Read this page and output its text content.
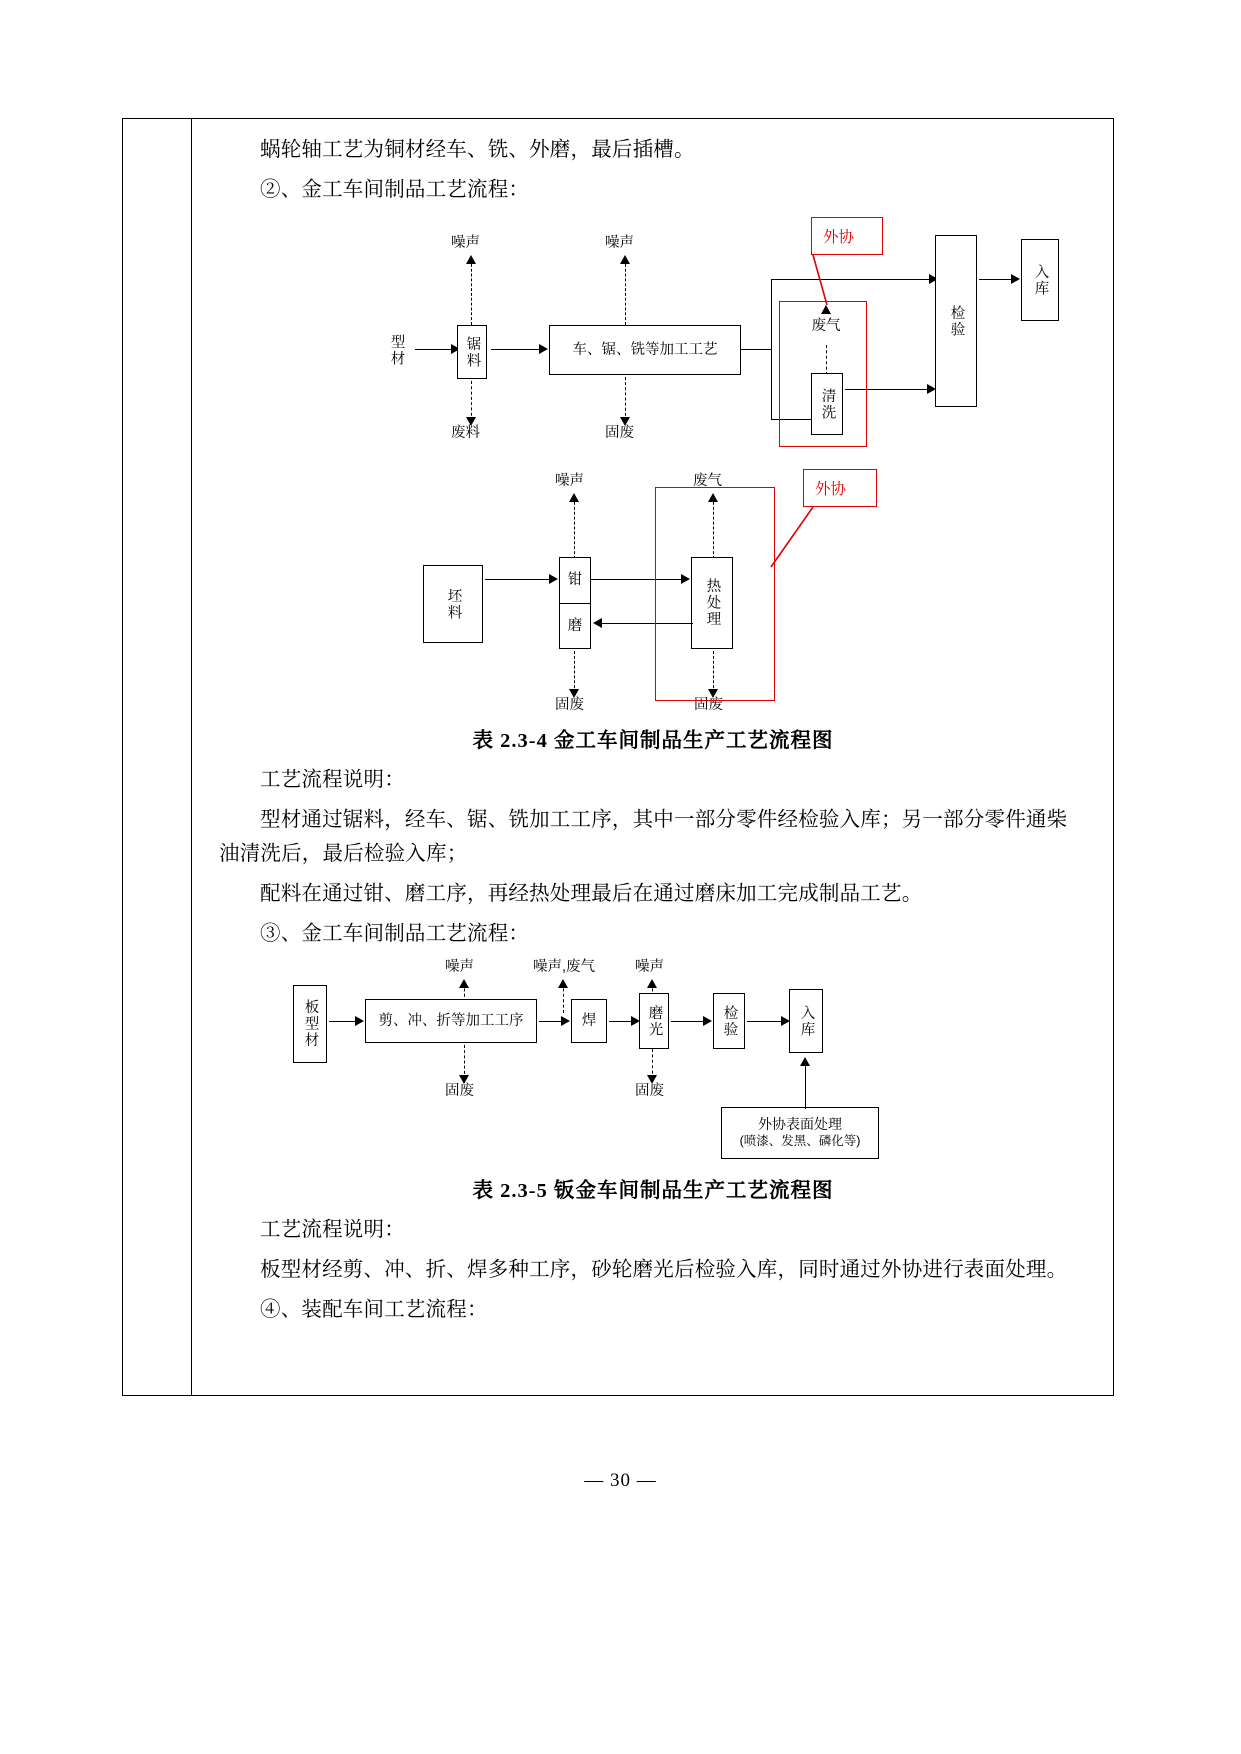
蜗轮轴工艺为铜材经车、铣、外磨，最后插槽。

②、金工车间制品工艺流程：

噪声	噪声
型材	锯料
废料
车、锯、铣等加工工艺
固废
废气
清洗
外协
检验
入库
噪声	废气
坯料
钳
磨	热处理
固废	固废
外协

表 2.3-4 金工车间制品生产工艺流程图

工艺流程说明：

型材通过锯料，经车、锯、铣加工工序，其中一部分零件经检验入库；另一部分零件通柴油清洗后，最后检验入库；

配料在通过钳、磨工序，再经热处理最后在通过磨床加工完成制品工艺。

③、金工车间制品工艺流程：

噪声	噪声,废气	噪声
板型材	剪、冲、折等加工工序
固废
焊	磨光
固废
检验	入库
外协表面处理
(喷漆、发黑、磷化等)

表 2.3-5 钣金车间制品生产工艺流程图

工艺流程说明：

板型材经剪、冲、折、焊多种工序，砂轮磨光后检验入库，同时通过外协进行表面处理。

④、装配车间工艺流程：

— 30 —
